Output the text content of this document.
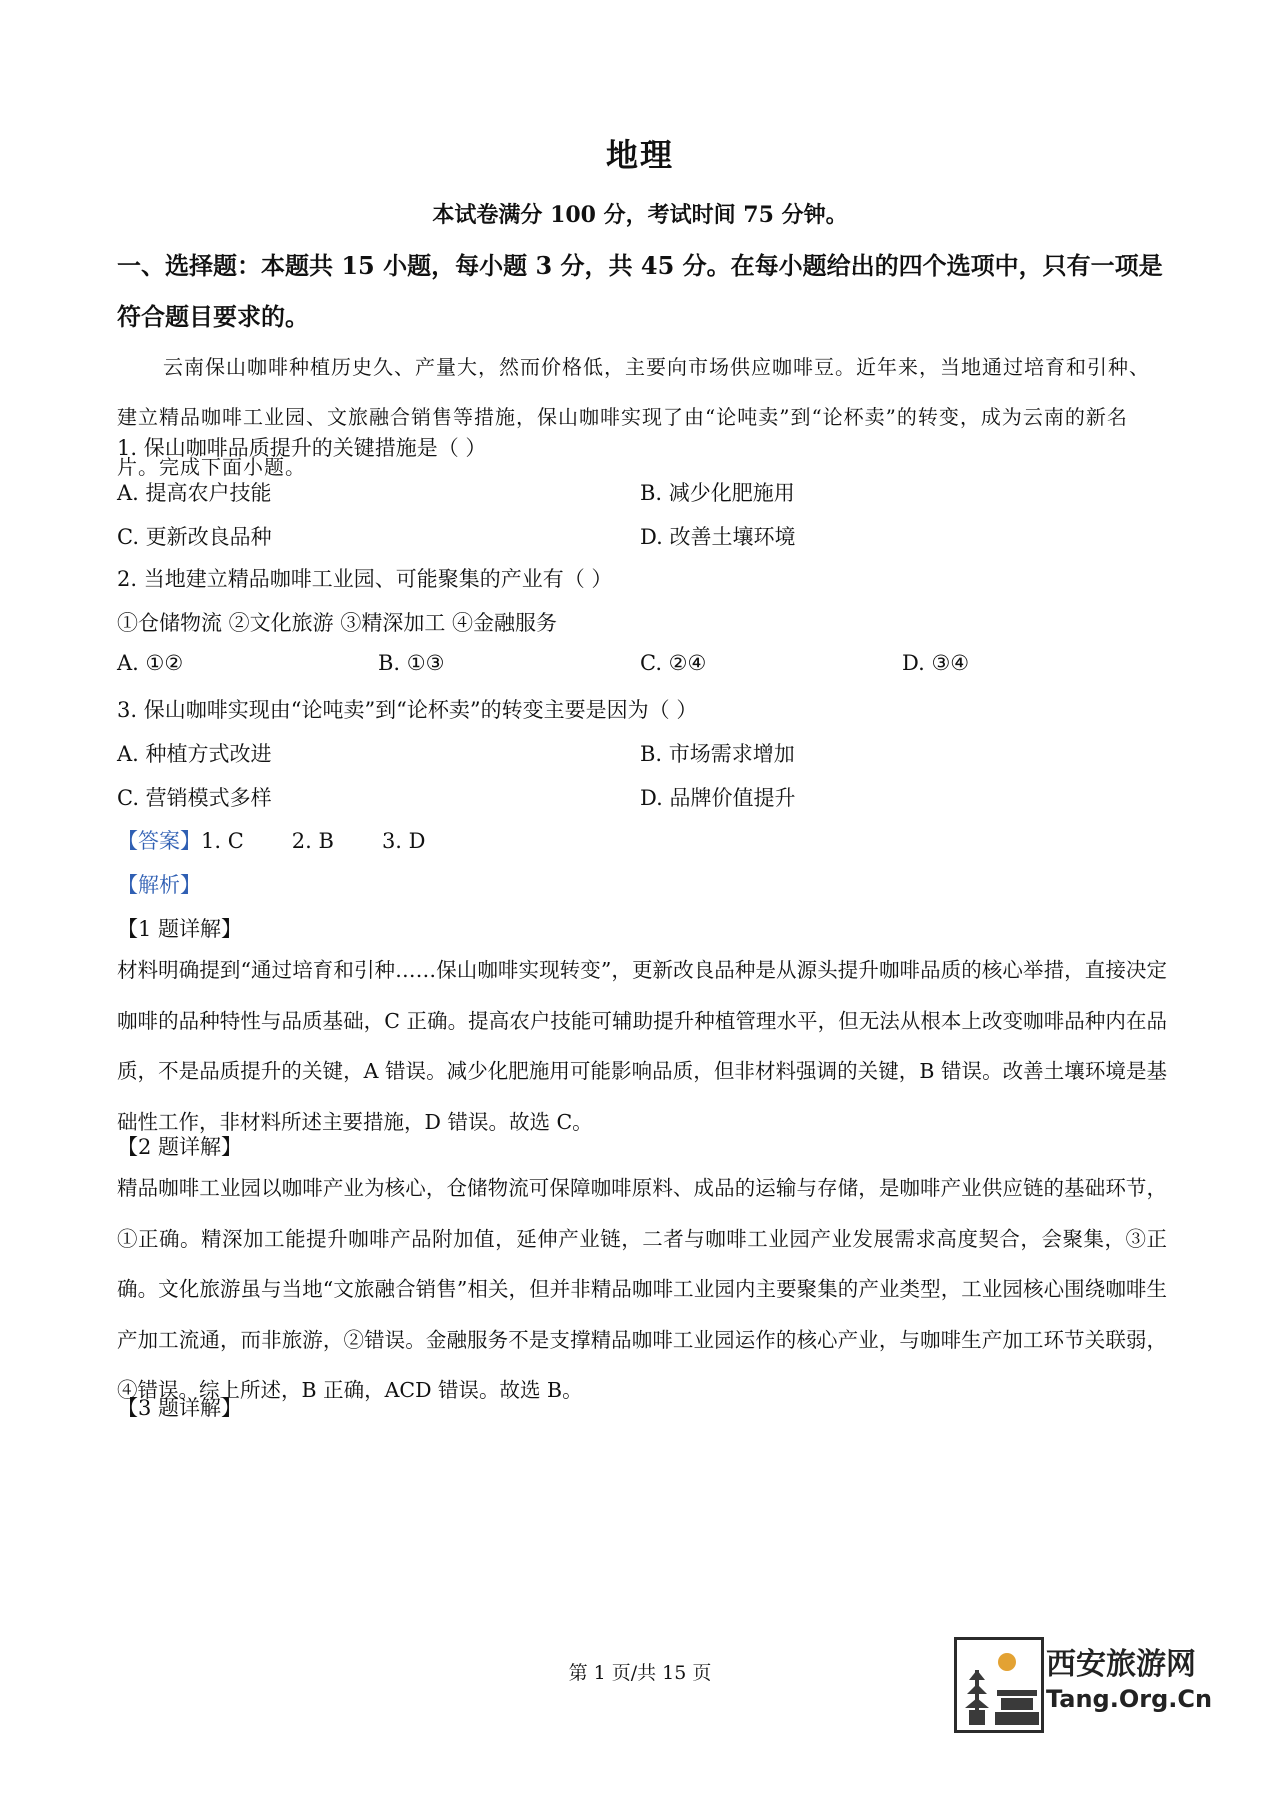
地理
本试卷满分 100 分，考试时间 75 分钟。
一、选择题：本题共 15 小题，每小题 3 分，共 45 分。在每小题给出的四个选项中，只有一项是符合题目要求的。
云南保山咖啡种植历史久、产量大，然而价格低，主要向市场供应咖啡豆。近年来，当地通过培育和引种、建立精品咖啡工业园、文旅融合销售等措施，保山咖啡实现了由“论吨卖”到“论杯卖”的转变，成为云南的新名片。完成下面小题。
1. 保山咖啡品质提升的关键措施是（ ）
A. 提高农户技能	B. 减少化肥施用
C. 更新改良品种	D. 改善土壤环境
2. 当地建立精品咖啡工业园、可能聚集的产业有（ ）
①仓储物流 ②文化旅游 ③精深加工 ④金融服务
A. ①②	B. ①③	C. ②④	D. ③④
3. 保山咖啡实现由“论吨卖”到“论杯卖”的转变主要是因为（ ）
A. 种植方式改进	B. 市场需求增加
C. 营销模式多样	D. 品牌价值提升
【答案】1. C 2. B 3. D
【解析】
【1 题详解】
材料明确提到“通过培育和引种……保山咖啡实现转变”，更新改良品种是从源头提升咖啡品质的核心举措，直接决定咖啡的品种特性与品质基础，C 正确。提高农户技能可辅助提升种植管理水平，但无法从根本上改变咖啡品种内在品质，不是品质提升的关键，A 错误。减少化肥施用可能影响品质，但非材料强调的关键，B 错误。改善土壤环境是基础性工作，非材料所述主要措施，D 错误。故选 C。
【2 题详解】
精品咖啡工业园以咖啡产业为核心，仓储物流可保障咖啡原料、成品的运输与存储，是咖啡产业供应链的基础环节，①正确。精深加工能提升咖啡产品附加值，延伸产业链，二者与咖啡工业园产业发展需求高度契合，会聚集，③正确。文化旅游虽与当地“文旅融合销售”相关，但并非精品咖啡工业园内主要聚集的产业类型，工业园核心围绕咖啡生产加工流通，而非旅游，②错误。金融服务不是支撑精品咖啡工业园运作的核心产业，与咖啡生产加工环节关联弱，④错误。综上所述，B 正确，ACD 错误。故选 B。
【3 题详解】
第 1 页/共 15 页	西安旅游网
Tang.Org.Cn
